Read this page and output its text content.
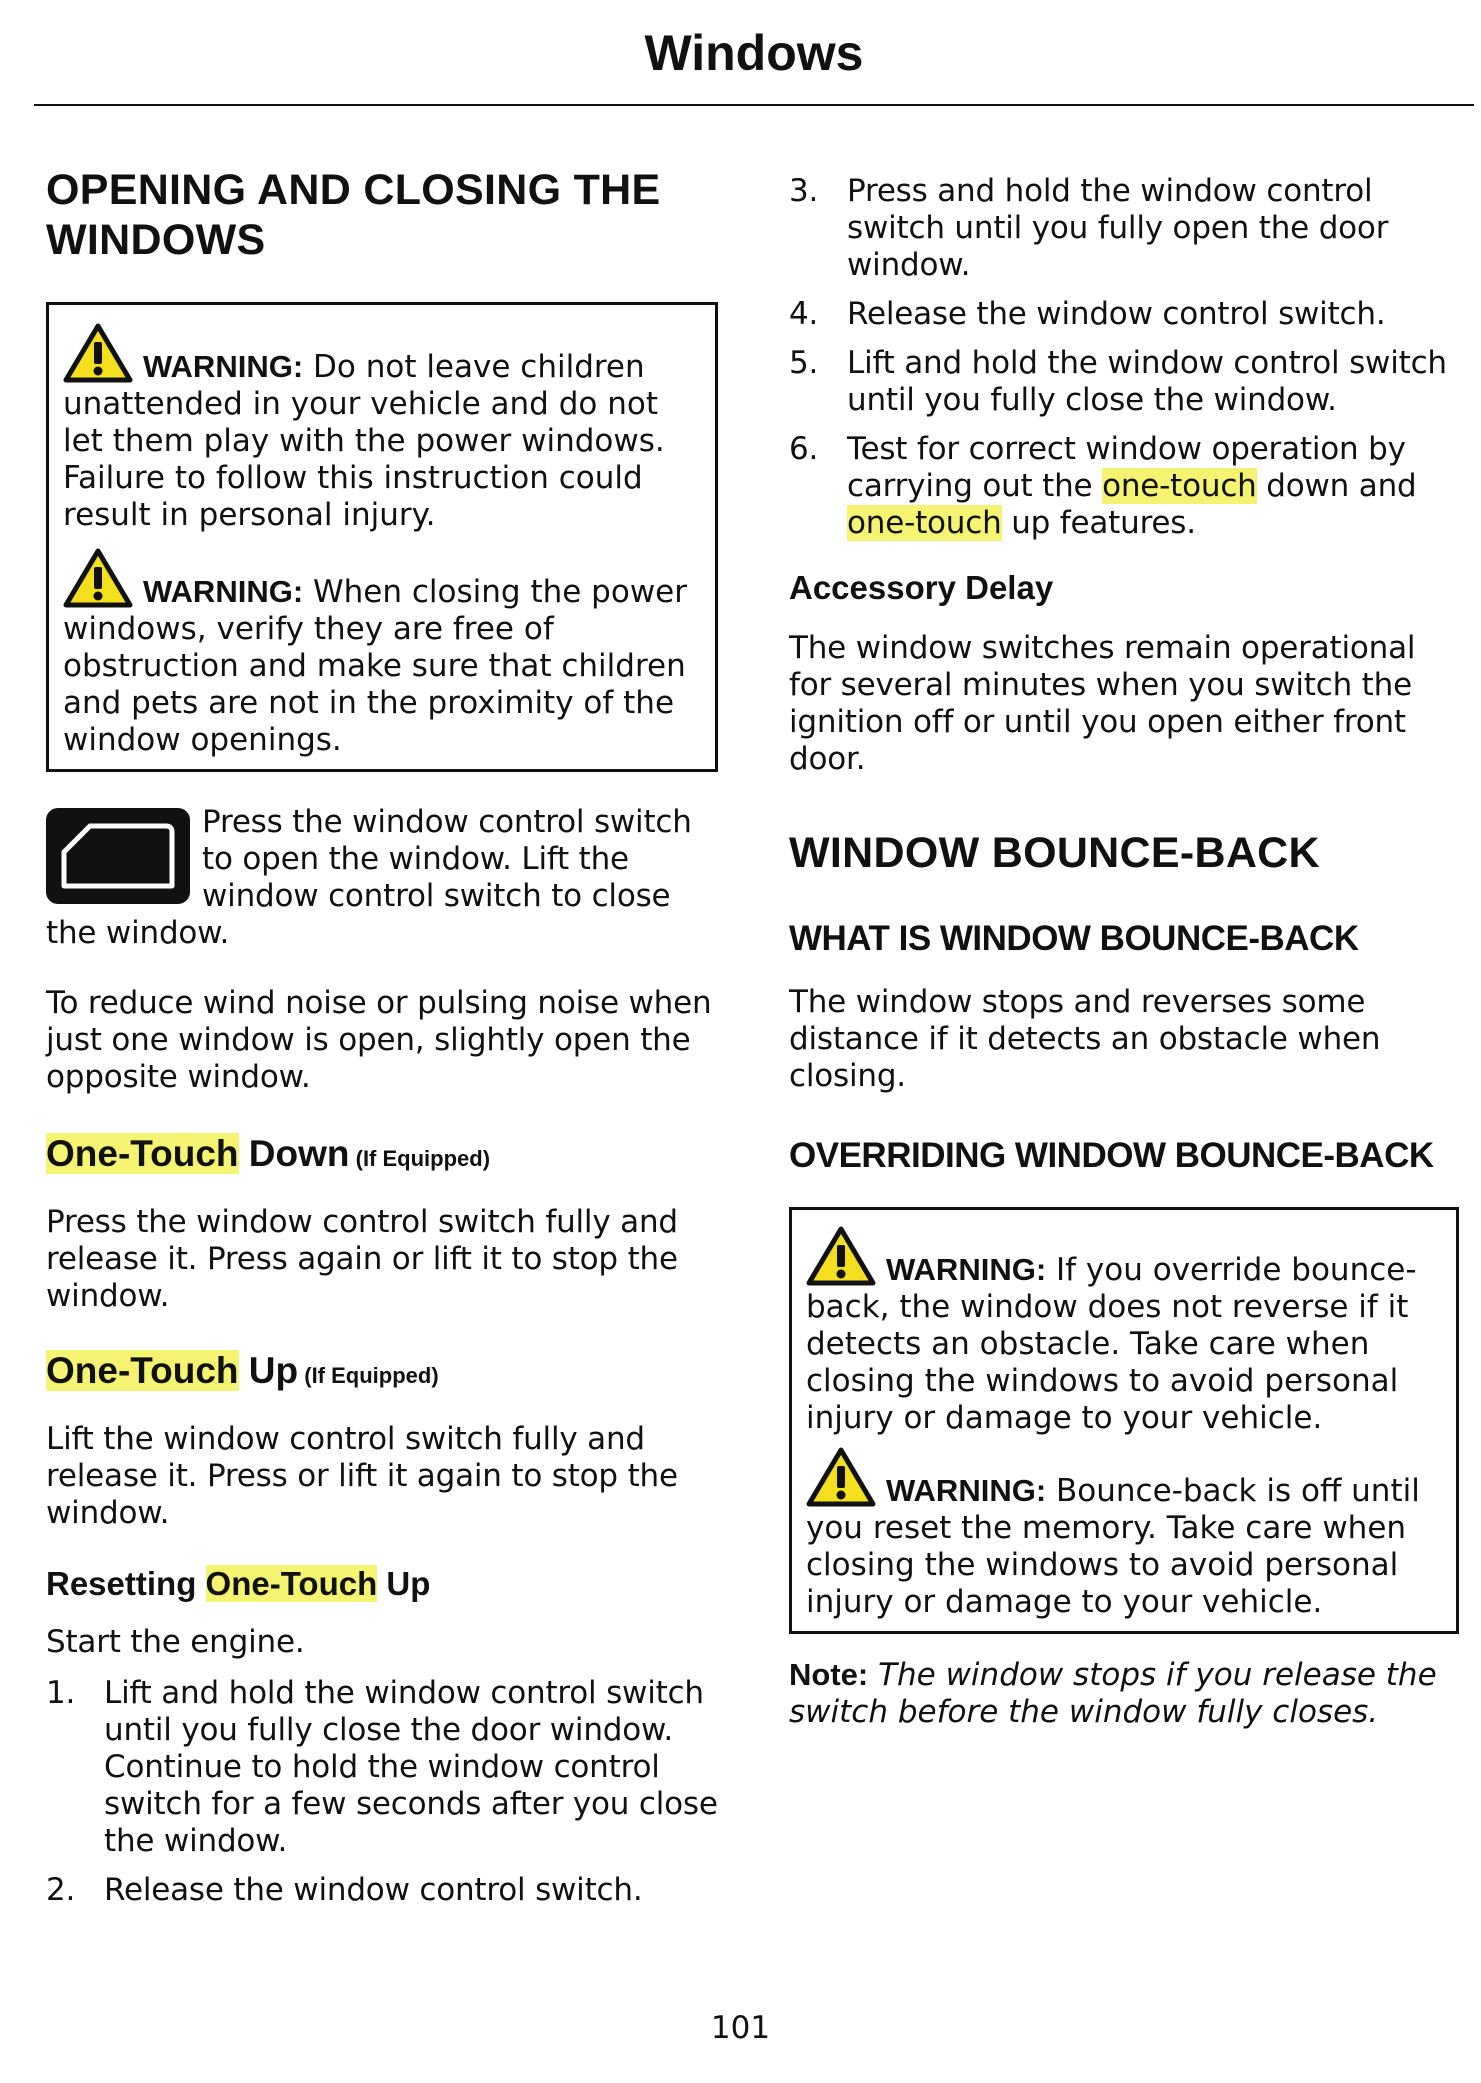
Windows
OPENING AND CLOSING THE WINDOWS

WARNING: Do not leave children unattended in your vehicle and do not let them play with the power windows. Failure to follow this instruction could result in personal injury.

WARNING: When closing the power windows, verify they are free of obstruction and make sure that children and pets are not in the proximity of the window openings.

Press the window control switch to open the window. Lift the window control switch to close the window.

To reduce wind noise or pulsing noise when just one window is open, slightly open the opposite window.

One-Touch Down (If Equipped)

Press the window control switch fully and release it. Press again or lift it to stop the window.

One-Touch Up (If Equipped)

Lift the window control switch fully and release it. Press or lift it again to stop the window.

Resetting One-Touch Up

Start the engine.

1. Lift and hold the window control switch until you fully close the door window. Continue to hold the window control switch for a few seconds after you close the window.
2. Release the window control switch.
3. Press and hold the window control switch until you fully open the door window.
4. Release the window control switch.
5. Lift and hold the window control switch until you fully close the window.
6. Test for correct window operation by carrying out the one-touch down and one-touch up features.
Accessory Delay

The window switches remain operational for several minutes when you switch the ignition off or until you open either front door.

WINDOW BOUNCE-BACK
WHAT IS WINDOW BOUNCE-BACK

The window stops and reverses some distance if it detects an obstacle when closing.

OVERRIDING WINDOW BOUNCE-BACK

WARNING: If you override bounce-back, the window does not reverse if it detects an obstacle. Take care when closing the windows to avoid personal injury or damage to your vehicle.

WARNING: Bounce-back is off until you reset the memory. Take care when closing the windows to avoid personal injury or damage to your vehicle.

Note: The window stops if you release the switch before the window fully closes.

101
